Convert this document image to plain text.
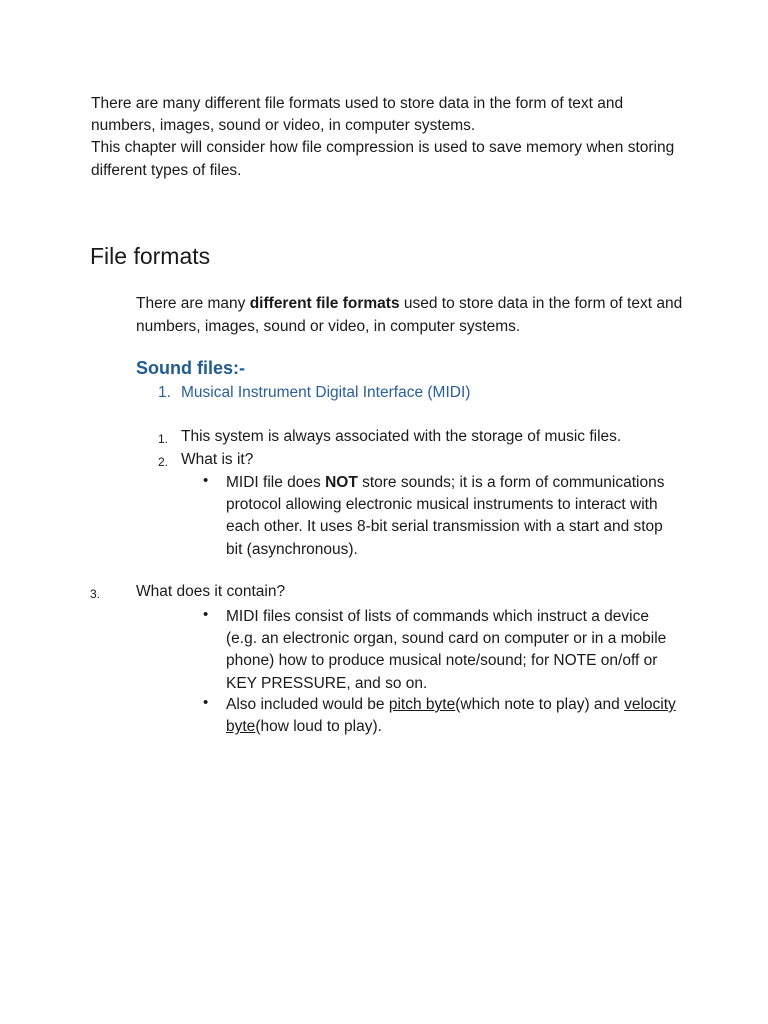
There are many different file formats used to store data in the form of text and numbers, images, sound or video, in computer systems.

This chapter will consider how file compression is used to save memory when storing different types of files.

File formats

There are many different file formats used to store data in the form of text and numbers, images, sound or video, in computer systems.

Sound files:-

1. Musical Instrument Digital Interface (MIDI)

1. This system is always associated with the storage of music files.

2. What is it?

• MIDI file does NOT store sounds; it is a form of communications protocol allowing electronic musical instruments to interact with each other. It uses 8-bit serial transmission with a start and stop bit (asynchronous).

3. What does it contain?

• MIDI files consist of lists of commands which instruct a device (e.g. an electronic organ, sound card on computer or in a mobile phone) how to produce musical note/sound; for NOTE on/off or KEY PRESSURE, and so on.

• Also included would be pitch byte(which note to play) and velocity byte(how loud to play).
